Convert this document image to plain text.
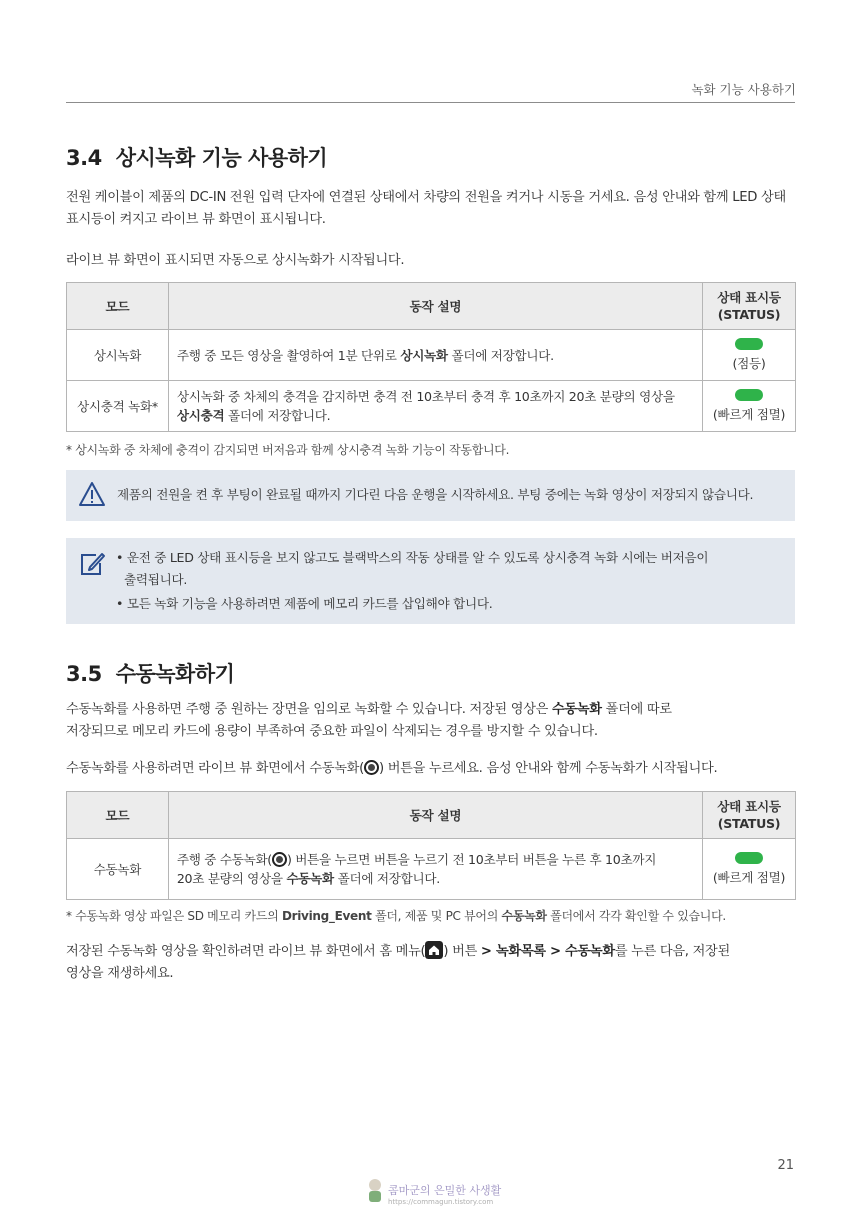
녹화 기능 사용하기
3.4 상시녹화 기능 사용하기
전원 케이블이 제품의 DC-IN 전원 입력 단자에 연결된 상태에서 차량의 전원을 켜거나 시동을 거세요. 음성 안내와 함께 LED 상태 표시등이 켜지고 라이브 뷰 화면이 표시됩니다.
라이브 뷰 화면이 표시되면 자동으로 상시녹화가 시작됩니다.
모드	동작 설명	상태 표시등
(STATUS)
상시녹화	주행 중 모든 영상을 촬영하여 1분 단위로 상시녹화 폴더에 저장합니다.	(점등)
상시충격 녹화*	상시녹화 중 차체의 충격을 감지하면 충격 전 10초부터 충격 후 10초까지 20초 분량의 영상을
상시충격 폴더에 저장합니다.	(빠르게 점멸)
* 상시녹화 중 차체에 충격이 감지되면 버저음과 함께 상시충격 녹화 기능이 작동합니다.
제품의 전원을 켠 후 부팅이 완료될 때까지 기다린 다음 운행을 시작하세요. 부팅 중에는 녹화 영상이 저장되지 않습니다.
• 운전 중 LED 상태 표시등을 보지 않고도 블랙박스의 작동 상태를 알 수 있도록 상시충격 녹화 시에는 버저음이
출력됩니다.
• 모든 녹화 기능을 사용하려면 제품에 메모리 카드를 삽입해야 합니다.
3.5 수동녹화하기
수동녹화를 사용하면 주행 중 원하는 장면을 임의로 녹화할 수 있습니다. 저장된 영상은 수동녹화 폴더에 따로
저장되므로 메모리 카드에 용량이 부족하여 중요한 파일이 삭제되는 경우를 방지할 수 있습니다.
수동녹화를 사용하려면 라이브 뷰 화면에서 수동녹화( ) 버튼을 누르세요. 음성 안내와 함께 수동녹화가 시작됩니다.
모드	동작 설명	상태 표시등
(STATUS)
수동녹화	주행 중 수동녹화( ) 버튼을 누르면 버튼을 누르기 전 10초부터 버튼을 누른 후 10초까지
20초 분량의 영상을 수동녹화 폴더에 저장합니다.	(빠르게 점멸)
* 수동녹화 영상 파일은 SD 메모리 카드의 Driving_Event 폴더, 제품 및 PC 뷰어의 수동녹화 폴더에서 각각 확인할 수 있습니다.
저장된 수동녹화 영상을 확인하려면 라이브 뷰 화면에서 홈 메뉴( ) 버튼 > 녹화목록 > 수동녹화를 누른 다음, 저장된
영상을 재생하세요.
21
콤마군의 은밀한 사생활
https://commagun.tistory.com
